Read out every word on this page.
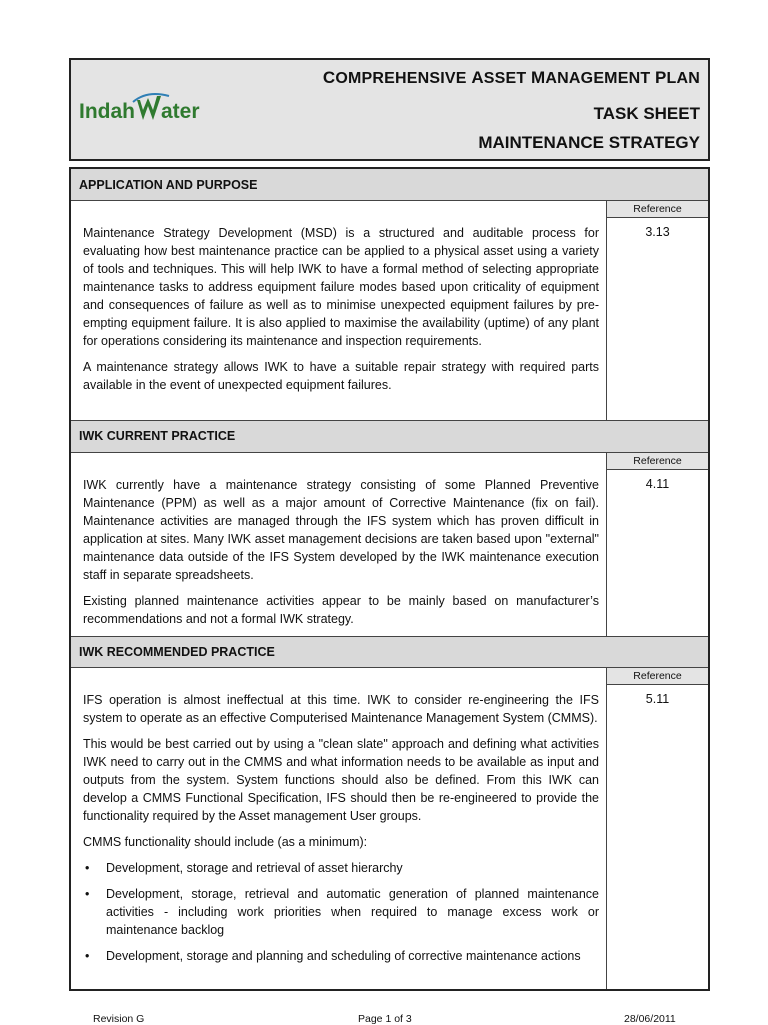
Indah ater
COMPREHENSIVE ASSET MANAGEMENT PLAN
TASK SHEET
MAINTENANCE STRATEGY
APPLICATION AND PURPOSE
Reference
3.13

Maintenance Strategy Development (MSD) is a structured and auditable process for evaluating how best maintenance practice can be applied to a physical asset using a variety of tools and techniques. This will help IWK to have a formal method of selecting appropriate maintenance tasks to address equipment failure modes based upon criticality of equipment and consequences of failure as well as to minimise unexpected equipment failures by pre-empting equipment failure. It is also applied to maximise the availability (uptime) of any plant for operations considering its maintenance and inspection requirements.

A maintenance strategy allows IWK to have a suitable repair strategy with required parts available in the event of unexpected equipment failures.

IWK CURRENT PRACTICE
Reference
4.11

IWK currently have a maintenance strategy consisting of some Planned Preventive Maintenance (PPM) as well as a major amount of Corrective Maintenance (fix on fail). Maintenance activities are managed through the IFS system which has proven difficult in application at sites. Many IWK asset management decisions are taken based upon "external" maintenance data outside of the IFS System developed by the IWK maintenance execution staff in separate spreadsheets.

Existing planned maintenance activities appear to be mainly based on manufacturer’s recommendations and not a formal IWK strategy.

IWK RECOMMENDED PRACTICE
Reference
5.11

IFS operation is almost ineffectual at this time. IWK to consider re-engineering the IFS system to operate as an effective Computerised Maintenance Management System (CMMS).

This would be best carried out by using a "clean slate" approach and defining what activities IWK need to carry out in the CMMS and what information needs to be available as input and outputs from the system. System functions should also be defined. From this IWK can develop a CMMS Functional Specification, IFS should then be re-engineered to provide the functionality required by the Asset management User groups.

CMMS functionality should include (as a minimum):

• Development, storage and retrieval of asset hierarchy
• Development, storage, retrieval and automatic generation of planned maintenance activities - including work priorities when required to manage excess work or maintenance backlog
• Development, storage and planning and scheduling of corrective maintenance actions
Revision G	Page 1 of 3	28/06/2011
